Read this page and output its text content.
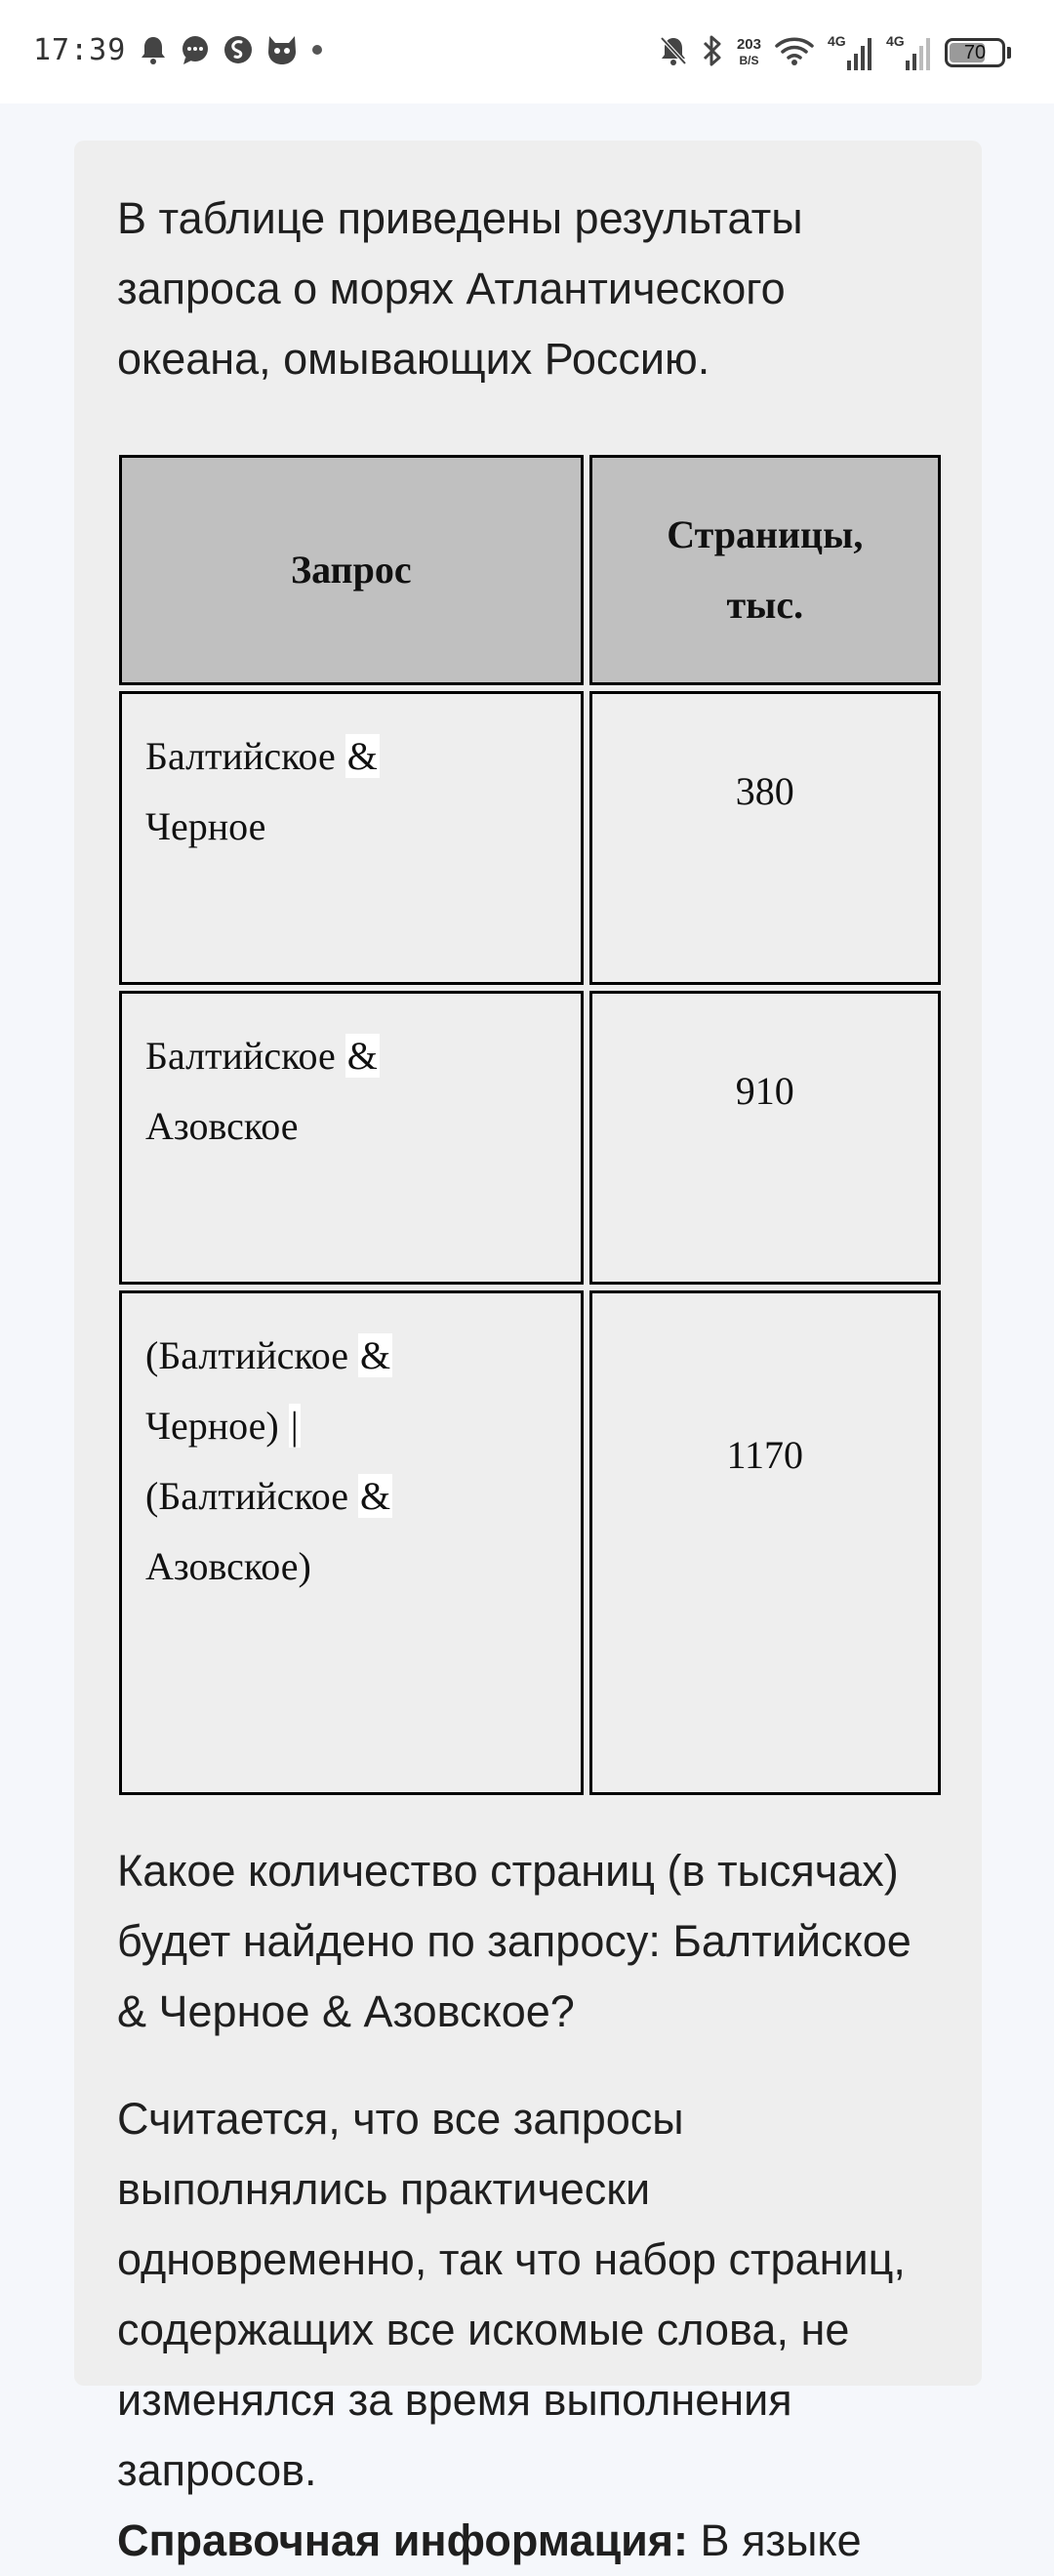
17:39	203
B/S
4G	4G
70

В таблице приведены результаты запроса о морях Атлантического океана, омывающих Россию.

Запрос	Страницы,
тыс.

Балтийское &
Черное	380

Балтийское &
Азовское	910

(Балтийское &
Черное) |
(Балтийское &
Азовское)	1170

Какое количество страниц (в тысячах) будет найдено по запросу: Балтийское & Черное & Азовское?

Считается, что все запросы выполнялись практически одновременно, так что набор страниц, содержащих все искомые слова, не изменялся за время выполнения запросов.

Справочная информация: В языке
